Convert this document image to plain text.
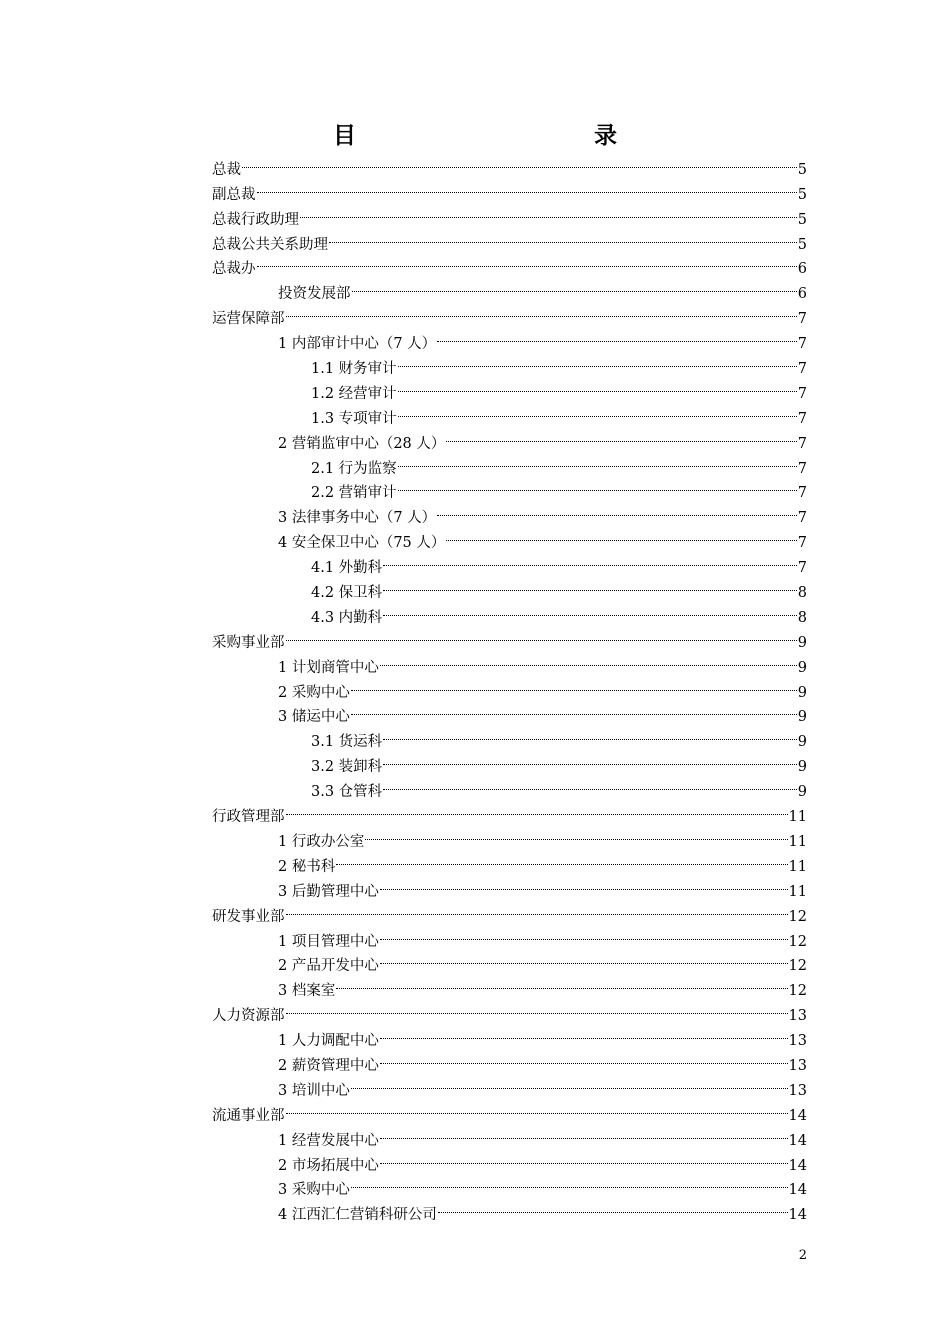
目　　录
总裁	5
副总裁	5
总裁行政助理	5
总裁公共关系助理	5
总裁办	6
投资发展部	6
运营保障部	7
1 内部审计中心（7 人）	7
1.1 财务审计	7
1.2 经营审计	7
1.3 专项审计	7
2 营销监审中心（28 人）	7
2.1 行为监察	7
2.2 营销审计	7
3 法律事务中心（7 人）	7
4 安全保卫中心（75 人）	7
4.1 外勤科	7
4.2 保卫科	8
4.3 内勤科	8
采购事业部	9
1 计划商管中心	9
2 采购中心	9
3 储运中心	9
3.1 货运科	9
3.2 装卸科	9
3.3 仓管科	9
行政管理部	11
1 行政办公室	11
2 秘书科	11
3 后勤管理中心	11
研发事业部	12
1 项目管理中心	12
2 产品开发中心	12
3 档案室	12
人力资源部	13
1 人力调配中心	13
2 薪资管理中心	13
3 培训中心	13
流通事业部	14
1 经营发展中心	14
2 市场拓展中心	14
3 采购中心	14
4 江西汇仁营销科研公司	14
2
